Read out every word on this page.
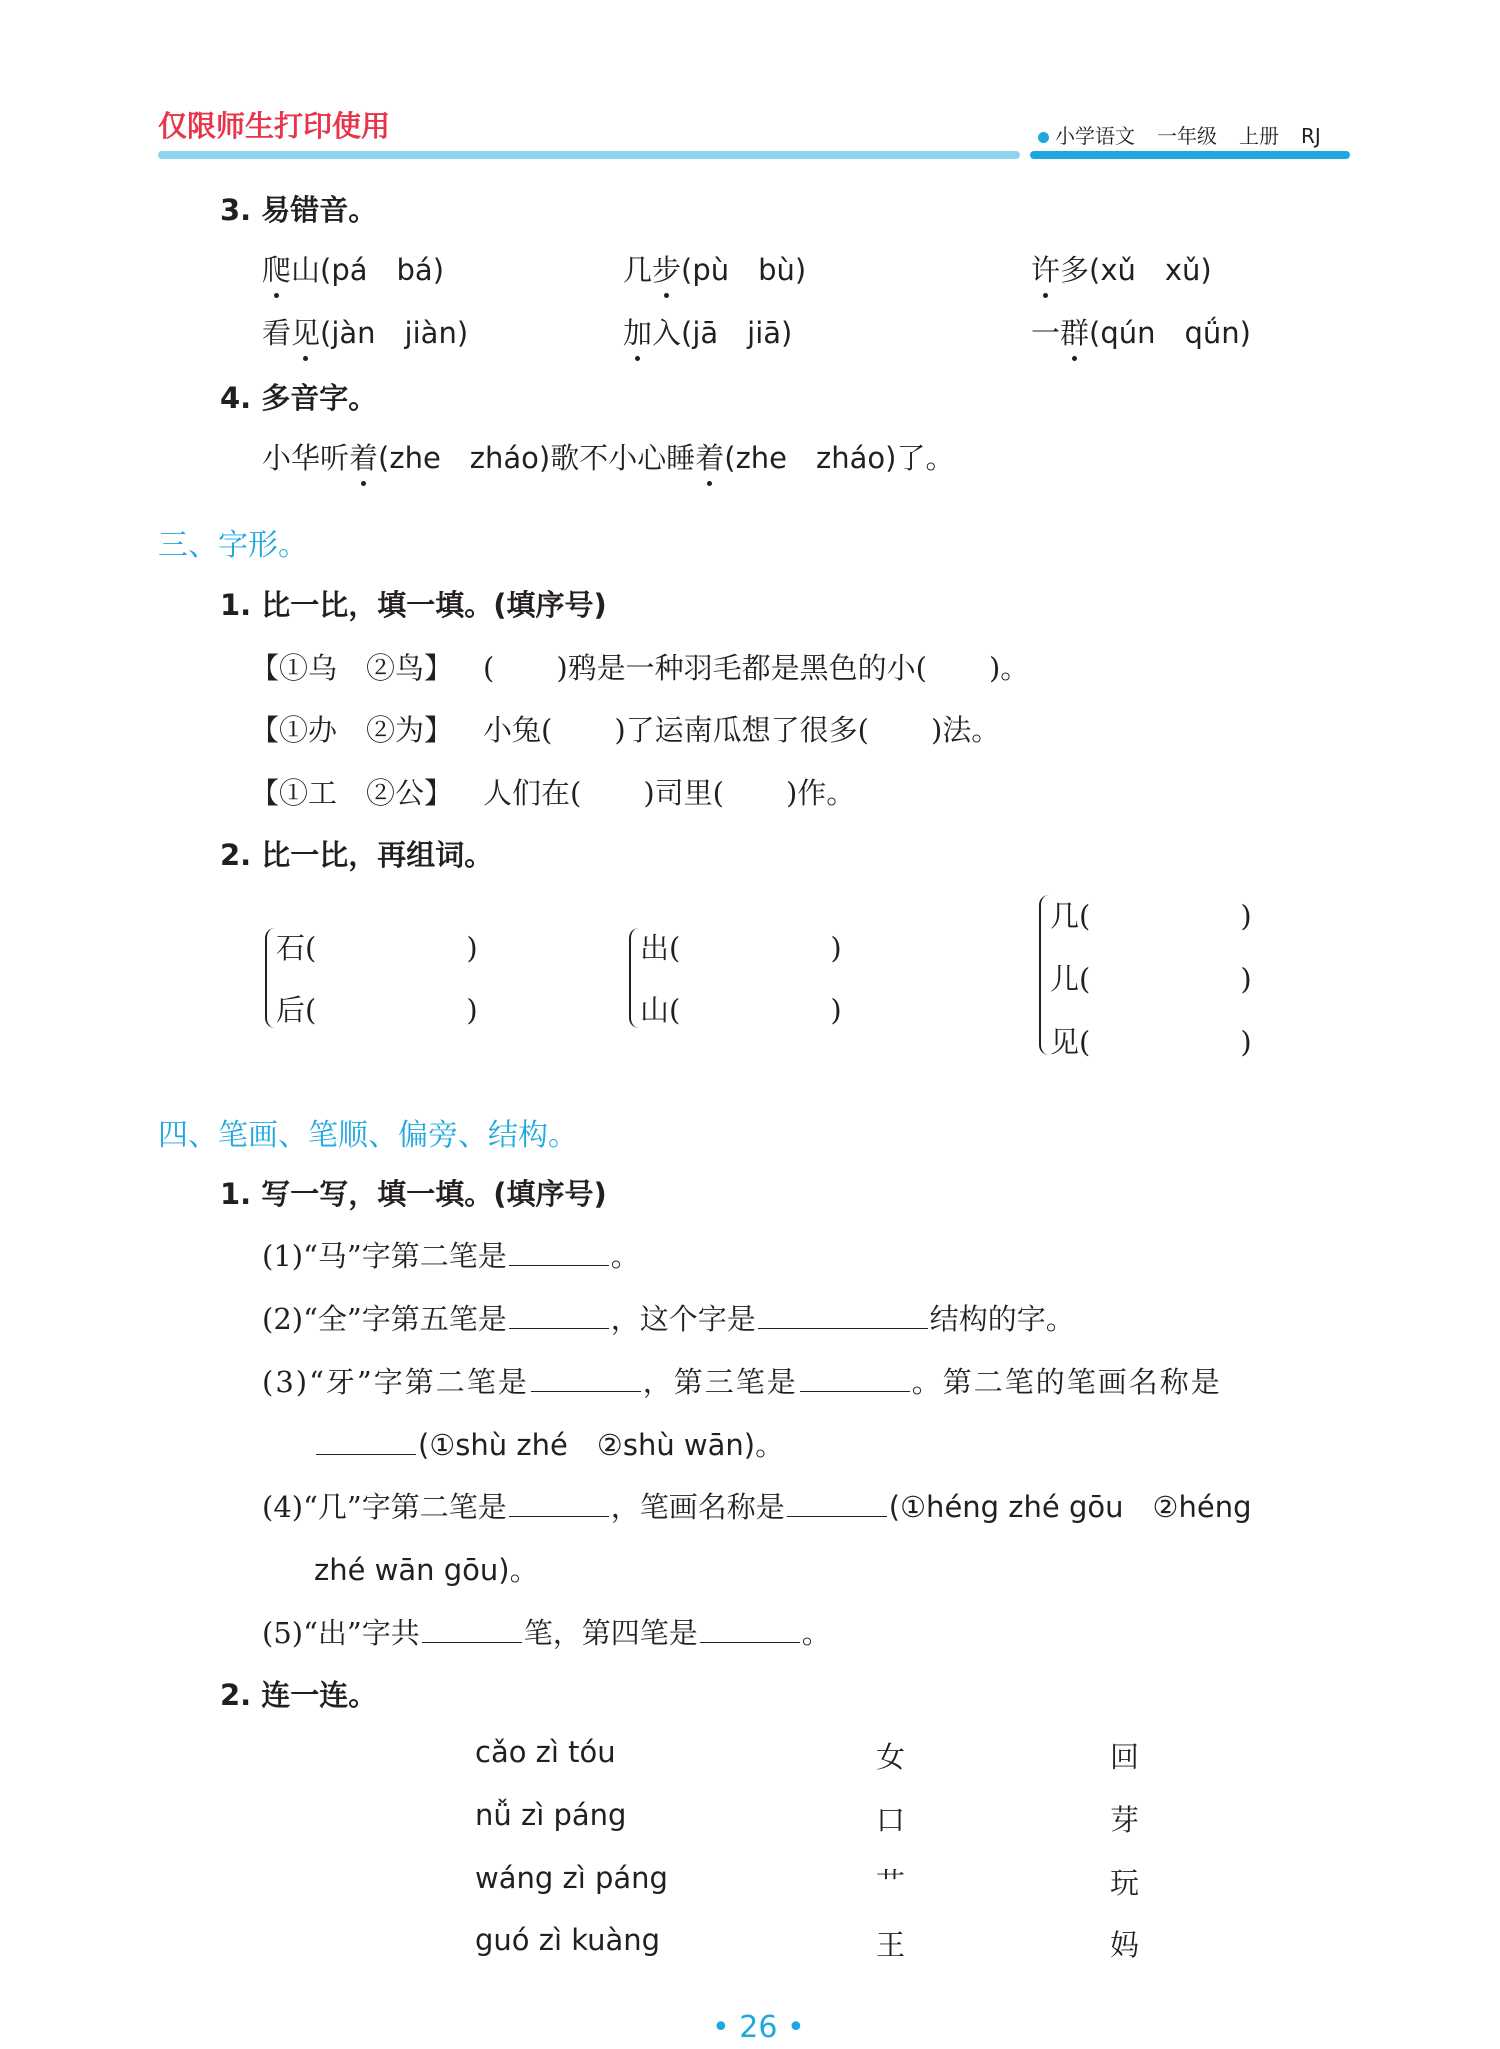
仅限师生打印使用	小学语文 一年级 上册 RJ
3. 易错音。
爬山(pá　bá)	几步(pù　bù)	许多(xǔ　xǔ)
看见(jàn　jiàn)	加入(jā　jiā)	一群(qún　qǘn)
4. 多音字。
小华听着(zhe　zháo)歌不小心睡着(zhe　zháo)了。
三、字形。
1. 比一比，填一填。(填序号)
【①乌　②鸟】 ( )鸦是一种羽毛都是黑色的小( )。
【①办　②为】 小兔( )了运南瓜想了很多( )法。
【①工　②公】 人们在( )司里( )作。
2. 比一比，再组词。
石(	)
后(	)
出(	)
山(	)
几(	)
儿(	)
见(	)
四、笔画、笔顺、偏旁、结构。
1. 写一写，填一填。(填序号)
(1)“马”字第二笔是	。
(2)“全”字第五笔是	，这个字是	结构的字。
(3)“牙”字第二笔是	，第三笔是	。第二笔的笔画名称是
(①shù zhé　②shù wān)。
(4)“几”字第二笔是	，笔画名称是	(①héng zhé gōu　②héng
zhé wān gōu)。
(5)“出”字共	笔，第四笔是	。
2. 连一连。
cǎo zì tóu
nǚ zì páng
wáng zì páng
guó zì kuàng
女
口
艹
王
回
芽
玩
妈
• 26 •
